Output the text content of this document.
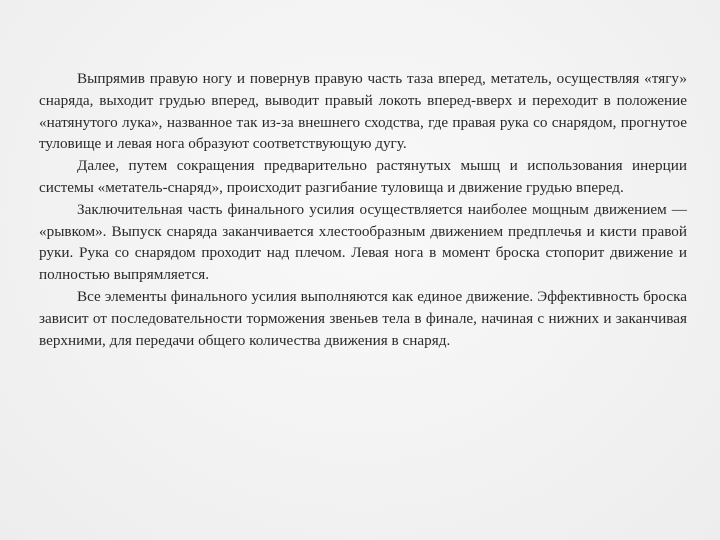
Выпрямив правую ногу и повернув правую часть таза вперед, метатель, осуществляя «тягу» снаряда, выходит грудью вперед, выводит правый локоть вперед-вверх и переходит в положение «натянутого лука», названное так из-за внешнего сходства, где правая рука со снарядом, прогнутое туловище и левая нога образуют соответствующую дугу.

Далее, путем сокращения предварительно растянутых мышц и использования инерции системы «метатель-снаряд», происходит разгибание туловища и движение грудью вперед.

Заключительная часть финального усилия осуществляется наиболее мощным движением — «рывком». Выпуск снаряда заканчивается хлестообразным движением предплечья и кисти правой руки. Рука со снарядом проходит над плечом. Левая нога в момент броска стопорит движение и полностью выпрямляется.

Все элементы финального усилия выполняются как единое движение. Эффективность броска зависит от последовательности торможения звеньев тела в финале, начиная с нижних и заканчивая верхними, для передачи общего количества движения в снаряд.
